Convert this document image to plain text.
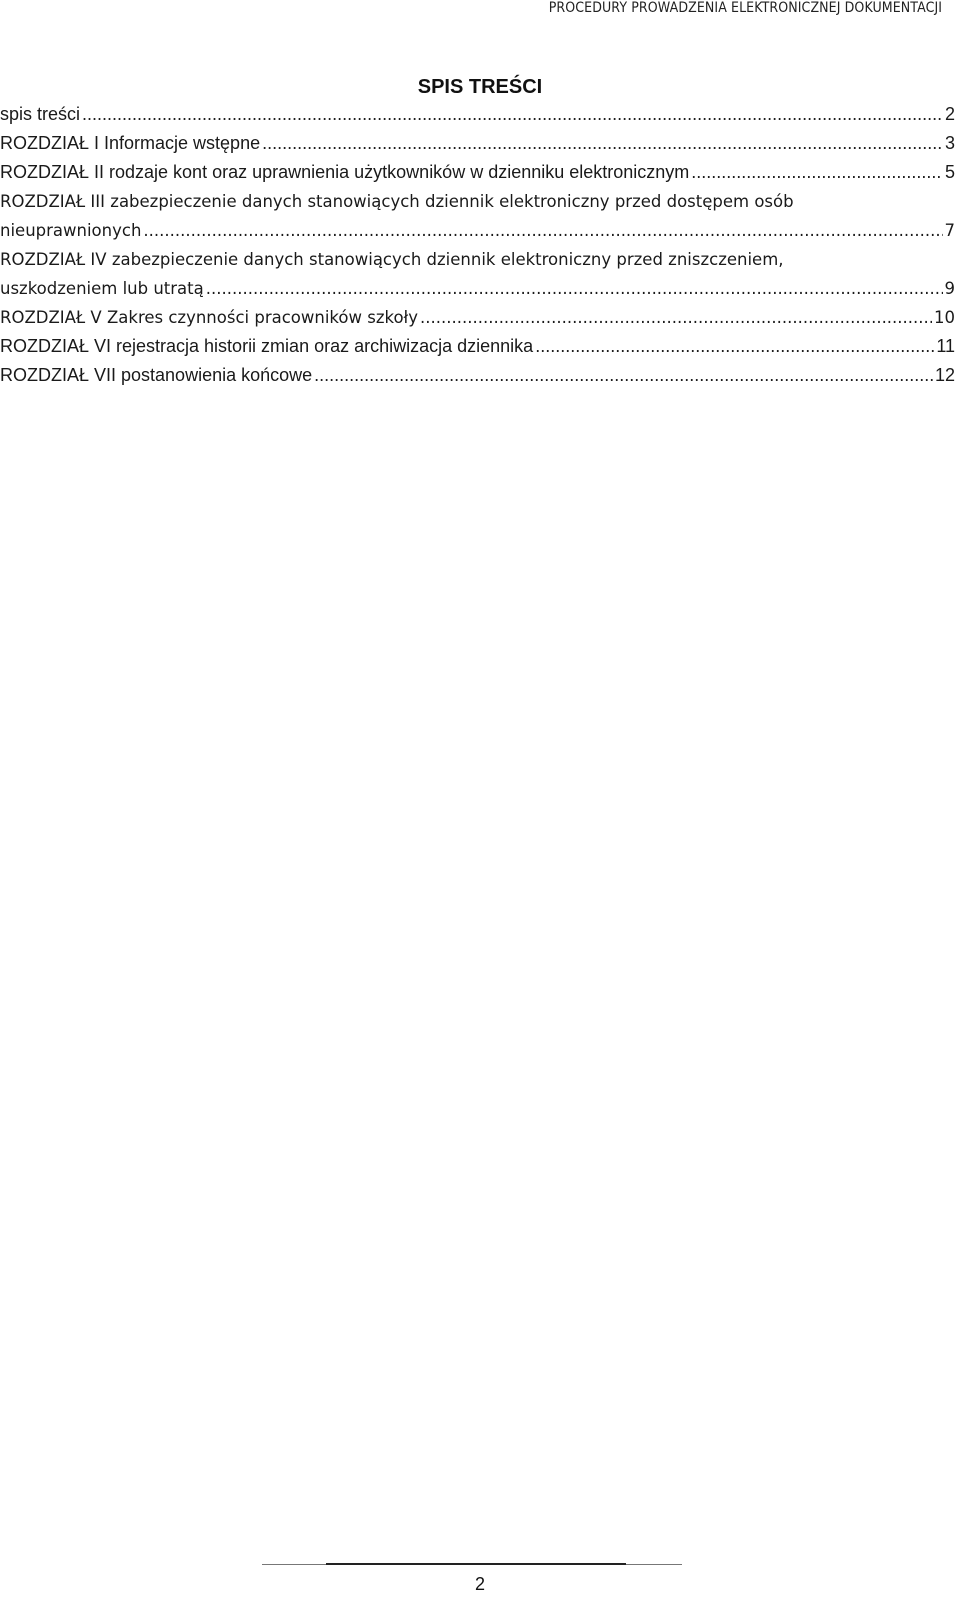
PROCEDURY PROWADZENIA ELEKTRONICZNEJ DOKUMENTACJI
SPIS TREŚCI
spis treści .....	2
ROZDZIAŁ I Informacje wstępne .....	3
ROZDZIAŁ II rodzaje kont oraz uprawnienia użytkowników w dzienniku elektronicznym .....	5
ROZDZIAŁ III zabezpieczenie danych stanowiących dziennik elektroniczny przed dostępem osób
nieuprawnionych .....	7
ROZDZIAŁ IV zabezpieczenie danych stanowiących dziennik elektroniczny przed zniszczeniem,
uszkodzeniem lub utratą .....	9
ROZDZIAŁ V Zakres czynności pracowników szkoły .....	10
ROZDZIAŁ VI rejestracja historii zmian oraz archiwizacja dziennika .....	11
ROZDZIAŁ VII postanowienia końcowe .....	12
2
